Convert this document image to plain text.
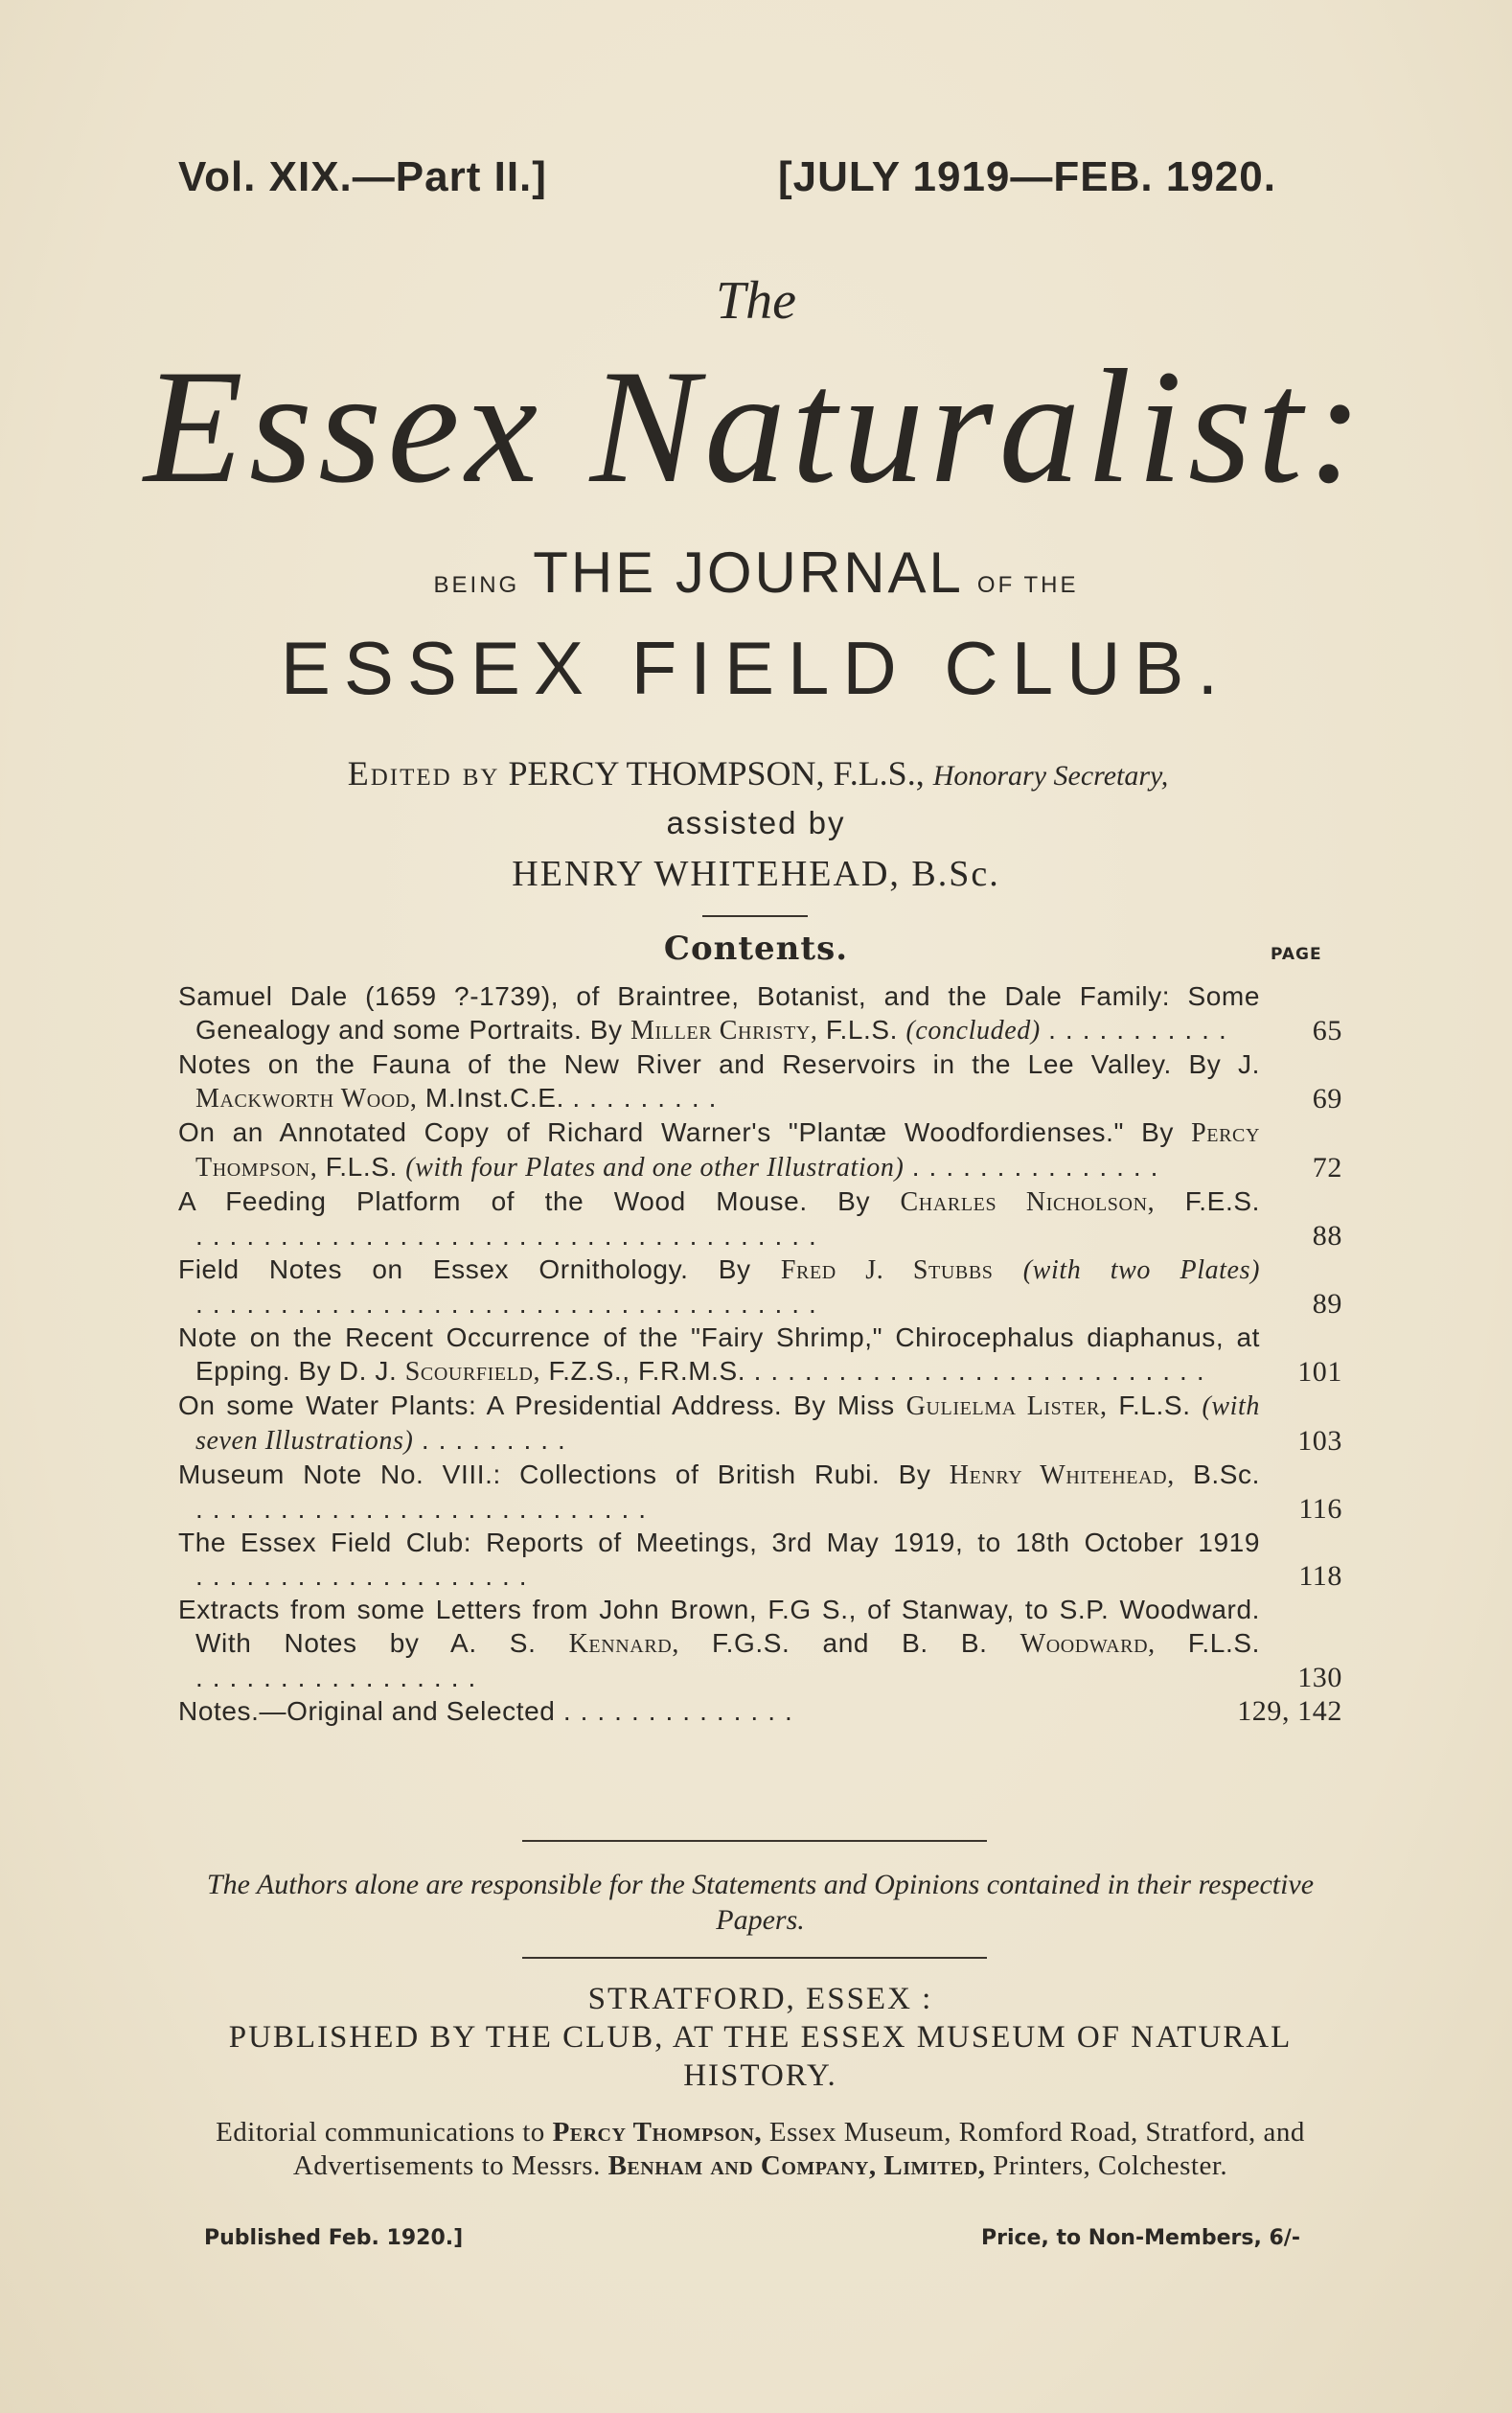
Vol. XIX.—Part II.]	[JULY 1919—FEB. 1920.
The
Essex Naturalist:
BEING THE JOURNAL OF THE
ESSEX FIELD CLUB.
Edited by PERCY THOMPSON, F.L.S., Honorary Secretary,
assisted by
HENRY WHITEHEAD, B.Sc.
Contents.	PAGE
Samuel Dale (1659 ?-1739), of Braintree, Botanist, and the Dale Family: Some Genealogy and some Portraits. By Miller Christy, F.L.S. (concluded) ...........	65
Notes on the Fauna of the New River and Reservoirs in the Lee Valley. By J. Mackworth Wood, M.Inst.C.E. .........	69
On an Annotated Copy of Richard Warner's "Plantæ Woodfordienses." By Percy Thompson, F.L.S. (with four Plates and one other Illustration) ...............	72
A Feeding Platform of the Wood Mouse. By Charles Nicholson, F.E.S. .....................................	88
Field Notes on Essex Ornithology. By Fred J. Stubbs (with two Plates) .....................................	89
Note on the Recent Occurrence of the "Fairy Shrimp," Chirocephalus diaphanus, at Epping. By D. J. Scourfield, F.Z.S., F.R.M.S. ...........................	101
On some Water Plants: A Presidential Address. By Miss Gulielma Lister, F.L.S. (with seven Illustrations) .........	103
Museum Note No. VIII.: Collections of British Rubi. By Henry Whitehead, B.Sc. ...........................	116
The Essex Field Club: Reports of Meetings, 3rd May 1919, to 18th October 1919 ....................	118
Extracts from some Letters from John Brown, F.G S., of Stanway, to S.P. Woodward. With Notes by A. S. Kennard, F.G.S. and B. B. Woodward, F.L.S. .................	130
Notes.—Original and Selected ..............	129, 142
The Authors alone are responsible for the Statements and Opinions contained in their respective Papers.
STRATFORD, ESSEX :
PUBLISHED BY THE CLUB, AT THE ESSEX MUSEUM OF NATURAL HISTORY.
Editorial communications to Percy Thompson, Essex Museum, Romford Road, Stratford, and Advertisements to Messrs. Benham and Company, Limited, Printers, Colchester.
Published Feb. 1920.]	Price, to Non-Members, 6/-
